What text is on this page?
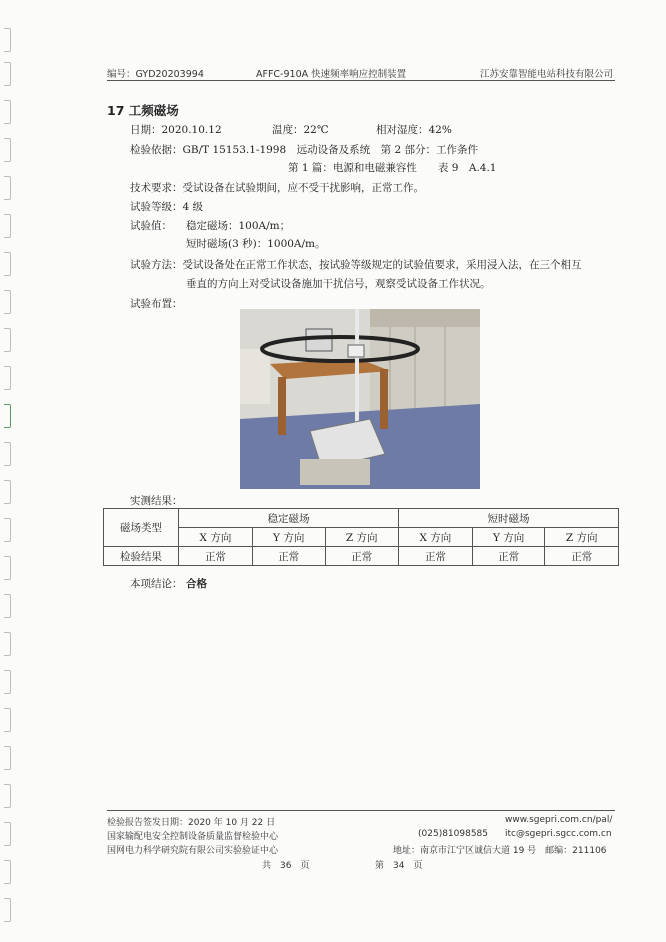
编号：GYD20203994	AFFC-910A 快速频率响应控制装置	江苏安靠智能电站科技有限公司
17 工频磁场
日期：2020.10.12	温度：22℃	相对湿度：42%
检验依据：GB/T 15153.1-1998　远动设备及系统　第 2 部分：工作条件
第 1 篇：电源和电磁兼容性　　表 9　A.4.1
技术要求：受试设备在试验期间，应不受干扰影响，正常工作。
试验等级：4 级
试验值： 稳定磁场：100A/m；
短时磁场(3 秒)：1000A/m。
试验方法：受试设备处在正常工作状态，按试验等级规定的试验值要求，采用浸入法，在三个相互
垂直的方向上对受试设备施加干扰信号，观察受试设备工作状况。
试验布置：
实测结果：
磁场类型	稳定磁场			短时磁场		
	X 方向	Y 方向	Z 方向	X 方向	Y 方向	Z 方向
检验结果	正常	正常	正常	正常	正常	正常
本项结论： 合格
检验报告签发日期：2020 年 10 月 22 日	www.sgepri.com.cn/pal/
国家输配电安全控制设备质量监督检验中心	(025)81098585 itc@sgepri.sgcc.com.cn
国网电力科学研究院有限公司实验验证中心	地址：南京市江宁区诚信大道 19 号　邮编：211106
共　36　页	第　34　页
